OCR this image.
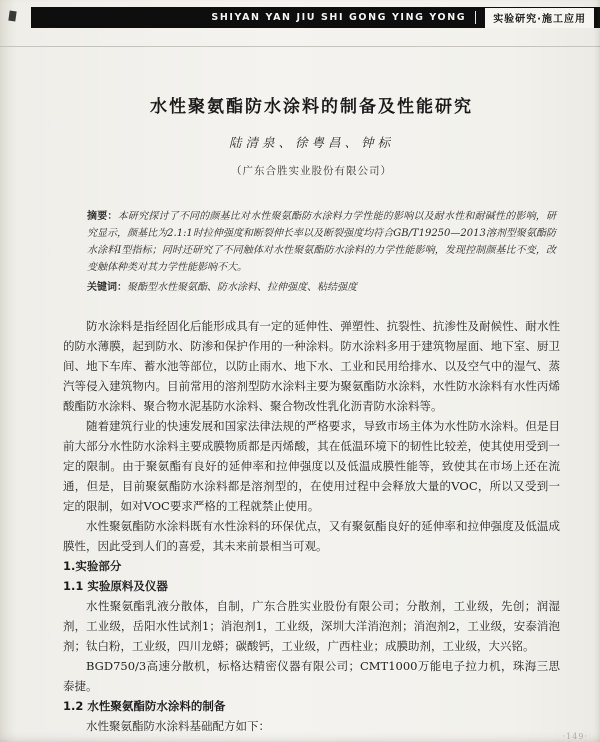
SHIYAN YAN JIU SHI GONG YING YONG	实验研究·施工应用
水性聚氨酯防水涂料的制备及性能研究
陆清泉、徐粤昌、钟标
（广东合胜实业股份有限公司）

摘要：本研究探讨了不同的颜基比对水性聚氨酯防水涂料力学性能的影响以及耐水性和耐碱性的影响，研究显示，颜基比为2.1:1时拉伸强度和断裂伸长率以及断裂强度均符合GB/T19250—2013溶剂型聚氨酯防水涂料Ⅰ型指标；同时还研究了不同触体对水性聚氨酯防水涂料的力学性能影响，发现控制颜基比不变，改变触体种类对其力学性能影响不大。

关键词：聚酯型水性聚氨酯、防水涂料、拉伸强度、粘结强度

防水涂料是指经固化后能形成具有一定的延伸性、弹塑性、抗裂性、抗渗性及耐候性、耐水性的防水薄膜，起到防水、防渗和保护作用的一种涂料。防水涂料多用于建筑物屋面、地下室、厨卫间、地下车库、蓄水池等部位，以防止雨水、地下水、工业和民用给排水、以及空气中的湿气、蒸汽等侵入建筑物内。目前常用的溶剂型防水涂料主要为聚氨酯防水涂料，水性防水涂料有水性丙烯酸酯防水涂料、聚合物水泥基防水涂料、聚合物改性乳化沥青防水涂料等。

随着建筑行业的快速发展和国家法律法规的严格要求，导致市场主体为水性防水涂料。但是目前大部分水性防水涂料主要成膜物质都是丙烯酸，其在低温环境下的韧性比较差，使其使用受到一定的限制。由于聚氨酯有良好的延伸率和拉伸强度以及低温成膜性能等，致使其在市场上还在流通，但是，目前聚氨酯防水涂料都是溶剂型的，在使用过程中会释放大量的VOC，所以又受到一定的限制，如对VOC要求严格的工程就禁止使用。

水性聚氨酯防水涂料既有水性涂料的环保优点，又有聚氨酯良好的延伸率和拉伸强度及低温成膜性，因此受到人们的喜爱，其未来前景相当可观。

1.实验部分
1.1 实验原料及仪器

水性聚氨酯乳液分散体，自制，广东合胜实业股份有限公司；分散剂，工业级，先创；润湿剂，工业级，岳阳水性试剂1；消泡剂1，工业级，深圳大洋消泡剂；消泡剂2，工业级，安泰消泡剂；钛白粉，工业级，四川龙蟒；碳酸钙，工业级，广西柱业；成膜助剂，工业级，大兴铭。

BGD750/3高速分散机，标格达精密仪器有限公司；CMT1000万能电子拉力机，珠海三思泰捷。

1.2 水性聚氨酯防水涂料的制备

水性聚氨酯防水涂料基础配方如下：

·149·
